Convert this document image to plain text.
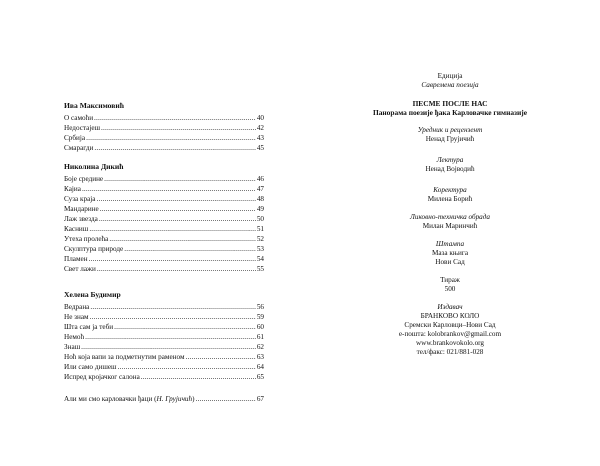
Ива Максимовић
О самоћи .....	40
Недостајеш .....	42
Србија .....	43
Смарагди .....	45
Николина Дикић
Боје средине .....	46
Кајиа .....	47
Суза краја .....	48
Мандарине .....	49
Лаж звезда .....	50
Касниш .....	51
Утеха пролећа .....	52
Скулптура природе .....	53
Пламен .....	54
Свет лажи .....	55
Хелена Будимир
Ведрана .....	56
Не знам .....	59
Шта сам ја теби .....	60
Немоћ .....	61
Знаш .....	62
Ноћ која вапи за подметнутим раменом .....	63
Или само дишеш .....	64
Испред кројачког салона .....	65
Али ми смо карловачки ђаци (Н. Грујичић) .....	67
Едиција
Савремена поезија
ПЕСМЕ ПОСЛЕ НАС
Панорама поезије ђака Карловачке гимназије
Уредник и рецензент
Ненад Грујичић
Лектура
Ненад Војводић
Коректура
Милена Борић
Ликовно-техничка обрада
Милан Маринчић
Штампа
Маза књига
Нови Сад
Тираж
500
Издавач
БРАНКОВО КОЛО
Сремски Карловци–Нови Сад
е-пошта: kolobrankov@gmail.com
www.brankovokolo.org
тел/факс: 021/881-028
